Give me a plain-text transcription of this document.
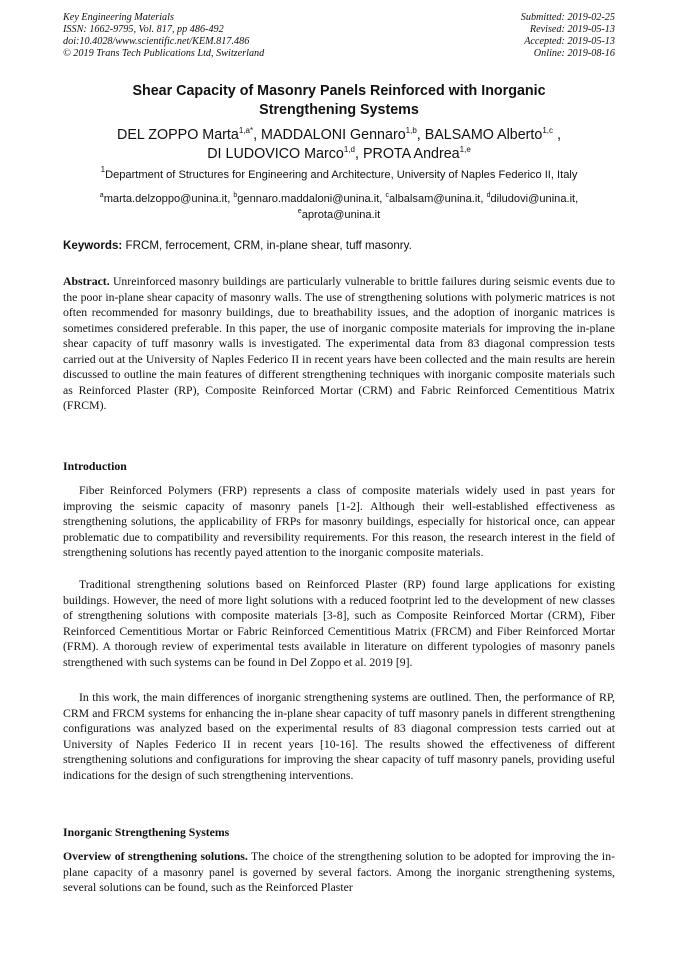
Key Engineering Materials
ISSN: 1662-9795, Vol. 817, pp 486-492
doi:10.4028/www.scientific.net/KEM.817.486
© 2019 Trans Tech Publications Ltd, Switzerland
Submitted: 2019-02-25
Revised: 2019-05-13
Accepted: 2019-05-13
Online: 2019-08-16
Shear Capacity of Masonry Panels Reinforced with Inorganic
Strengthening Systems
DEL ZOPPO Marta$^{1,a*}$, MADDALONI Gennaro$^{1,b}$, BALSAMO Alberto$^{1,c}$ ,
DI LUDOVICO Marco$^{1,d}$, PROTA Andrea$^{1,e}$
$^1$Department of Structures for Engineering and Architecture, University of Naples Federico II, Italy
$^a$marta.delzoppo@unina.it, $^b$gennaro.maddaloni@unina.it, $^c$albalsam@unina.it, $^d$diludovi@unina.it,
$^e$aprota@unina.it
Keywords: FRCM, ferrocement, CRM, in-plane shear, tuff masonry.
Abstract. Unreinforced masonry buildings are particularly vulnerable to brittle failures during seismic events due to the poor in-plane shear capacity of masonry walls. The use of strengthening solutions with polymeric matrices is not often recommended for masonry buildings, due to breathability issues, and the adoption of inorganic matrices is sometimes considered preferable. In this paper, the use of inorganic composite materials for improving the in-plane shear capacity of tuff masonry walls is investigated. The experimental data from 83 diagonal compression tests carried out at the University of Naples Federico II in recent years have been collected and the main results are herein discussed to outline the main features of different strengthening techniques with inorganic composite materials such as Reinforced Plaster (RP), Composite Reinforced Mortar (CRM) and Fabric Reinforced Cementitious Matrix (FRCM).
Introduction
Fiber Reinforced Polymers (FRP) represents a class of composite materials widely used in past years for improving the seismic capacity of masonry panels [1-2]. Although their well-established effectiveness as strengthening solutions, the applicability of FRPs for masonry buildings, especially for historical once, can appear problematic due to compatibility and reversibility requirements. For this reason, the research interest in the field of strengthening solutions has recently payed attention to the inorganic composite materials.
Traditional strengthening solutions based on Reinforced Plaster (RP) found large applications for existing buildings. However, the need of more light solutions with a reduced footprint led to the development of new classes of strengthening solutions with composite materials [3-8], such as Composite Reinforced Mortar (CRM), Fiber Reinforced Cementitious Mortar or Fabric Reinforced Cementitious Matrix (FRCM) and Fiber Reinforced Mortar (FRM). A thorough review of experimental tests available in literature on different typologies of masonry panels strengthened with such systems can be found in Del Zoppo et al. 2019 [9].
In this work, the main differences of inorganic strengthening systems are outlined. Then, the performance of RP, CRM and FRCM systems for enhancing the in-plane shear capacity of tuff masonry panels in different strengthening configurations was analyzed based on the experimental results of 83 diagonal compression tests carried out at University of Naples Federico II in recent years [10-16]. The results showed the effectiveness of different strengthening solutions and configurations for improving the shear capacity of tuff masonry panels, providing useful indications for the design of such strengthening interventions.
Inorganic Strengthening Systems
Overview of strengthening solutions. The choice of the strengthening solution to be adopted for improving the in-plane capacity of a masonry panel is governed by several factors. Among the inorganic strengthening systems, several solutions can be found, such as the Reinforced Plaster
